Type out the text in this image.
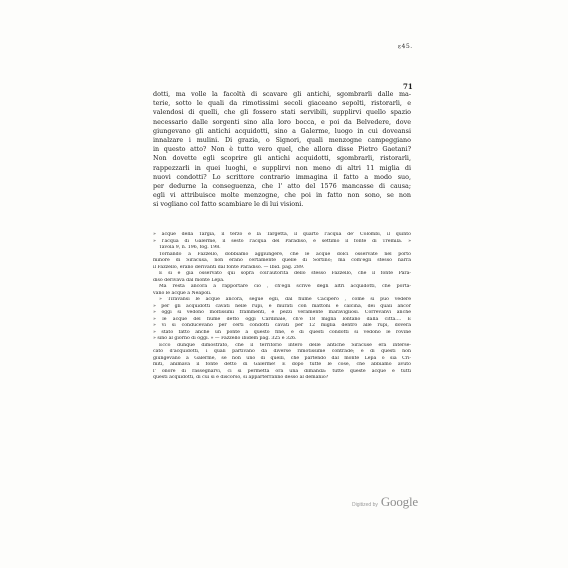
ɛ45.
71
dotti, ma volle la facoltà di scavare gli antichi, sgombrarli dalle ma-
terie, sotto le quali da rimotissimi secoli giaceano sepolti, ristorarli, e
valendosi di quelli, che gli fossero stati servibili, supplirvi quello spazio
necessario dalle sorgenti sino alla loro bocca, e poi da Belvedere, dove
giungevano gli antichi acquidotti, sino a Galerme, luogo in cui doveansi
innalzare i mulini. Di grazia, o Signori, quali menzogne campeggiano
in questo atto? Non è tutto vero quel, che allora disse Pietro Gaetani?
Non dovette egli scoprire gli antichi acquidotti, sgombrarli, ristorarli,
rappezzarli in quei luoghi, e supplirvi non meno di altri 11 miglia di
nuovi condotti? Lo scrittore contrario immagina il fatto a modo suo,
per dedurne la conseguenza, che l' atto del 1576 mancasse di causa;
egli vi attribuisce molte menzogne, che poi in fatto non sono, se non
si vogliano col fatto scambiare le di lui visioni.
» acque della Targia, il terzo è la Targetta, il quarto l'acqua de' Colombi, il quinto
» l'acqua di Galerme, il sesto l'acqua del Paradiso, e settimo il fonte di Tremila. »
Tavola 9, n. 196, fog. 198.
Tornando a Fazzello, dobbiamo aggiungere, che le acque dolci osservate nel porto
minore di Siracusa, non erano certamente quelle di Sortino; ma com'egli stesso narra
il Fazzello, erano derivanti dal fonte Paradiso. — Ibid. pag. 289.
E si è già osservato qui sopra coll'autorità dello stesso Fazzello, che il fonte Para-
diso derivava dal monte Lepa.
Ma resta ancora a rapportare ciò , ch'egli scrive degli altri acquidotti, che porta-
vano le acque a Neapoli.
» Tiravansi le acque ancora, segue egli, dal fiume Cacipero , come si può vedere
» per gli acquidotti cavati nelle rupi, e murati con mattoni e calcina, dei quali ancor
» oggi si vedono moltissimi frammenti, e pezzi veramente maravigliosi. Correvanvi anche
» le acque del fiume detto oggi Cardinale, ch'è 18 miglia lontano dalla città.... E
» vi si conducevano per certi condotti cavati per 12 miglia dentro alle rupi, dovera
» stato fatto anche un ponte a questo fine, e di questi condotti si vedono le rovine
» sino al giorno di oggi. » — Fazzello ibidem pag. 325 e 326.
Ecco dunque dimostrato, che il territorio intero delle antiche Siracuse era interse-
cato d'acquidotti, i quali partivano da diverse rimotissime contrade; e di questi non
giungevano a Galerme, se non uno di quelli, che partendo dal monte Lepa o sia Cri-
miti, animava il fonte detto di Galerme! E dopo tutte le cose, che abbiamo avuto
l' onore di rassegnarvi, ci si permetta ora una dimanda: tutte queste acque e tutti
questi acquidotti, di cui si è discorso, si apparterranno desso al demanio?
Digitized by Google
